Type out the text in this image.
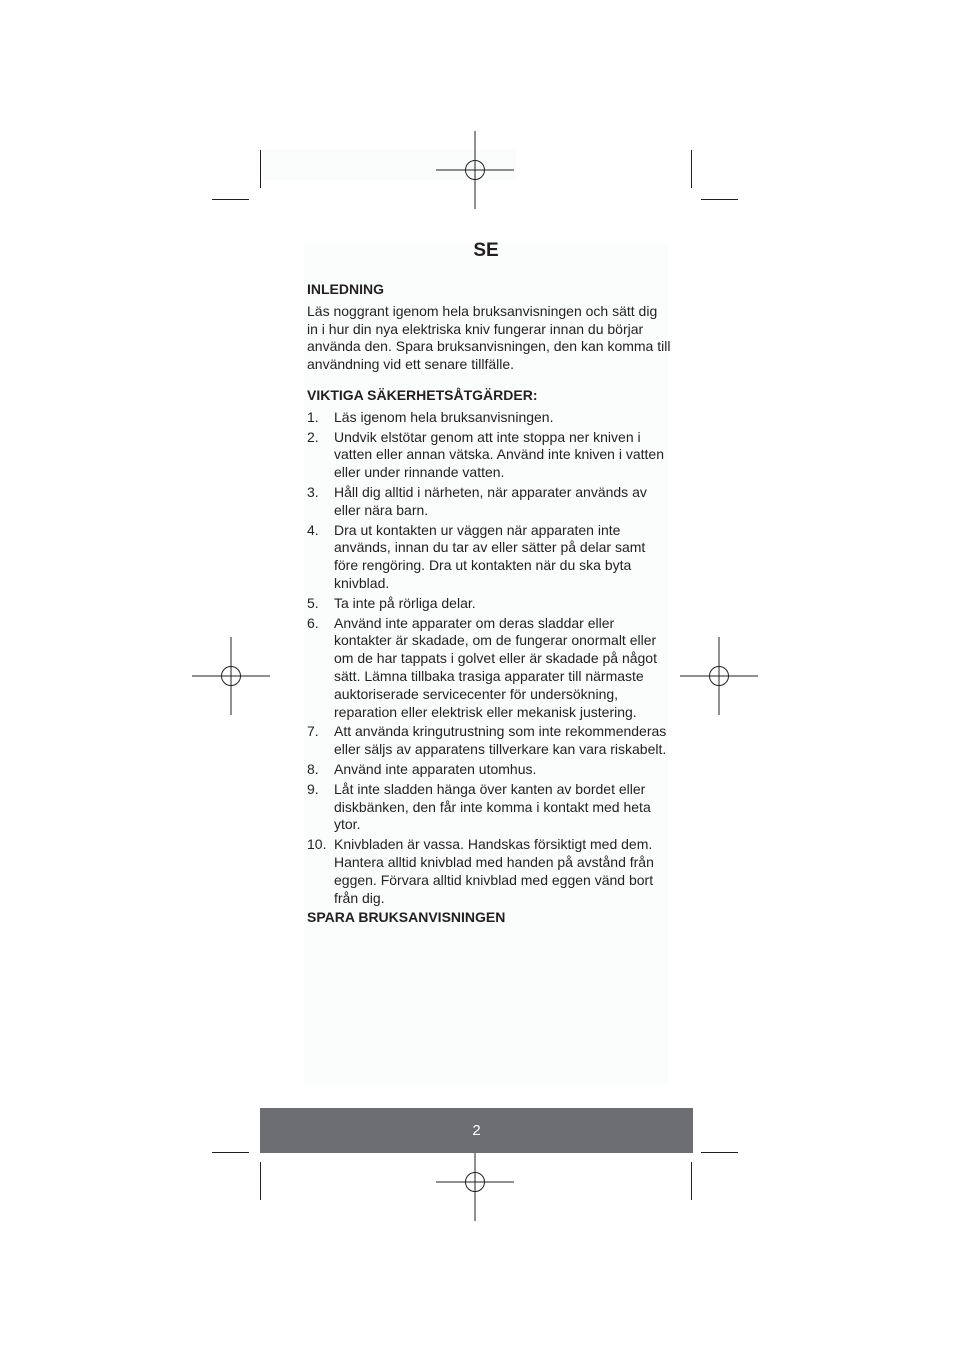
SE

INLEDNING

Läs noggrant igenom hela bruksanvisningen och sätt dig in i hur din nya elektriska kniv fungerar innan du börjar använda den. Spara bruksanvisningen, den kan komma till användning vid ett senare tillfälle.

VIKTIGA SÄKERHETSÅTGÄRDER:

1. Läs igenom hela bruksanvisningen.
2. Undvik elstötar genom att inte stoppa ner kniven i vatten eller annan vätska. Använd inte kniven i vatten eller under rinnande vatten.
3. Håll dig alltid i närheten, när apparater används av eller nära barn.
4. Dra ut kontakten ur väggen när apparaten inte används, innan du tar av eller sätter på delar samt före rengöring. Dra ut kontakten när du ska byta knivblad.
5. Ta inte på rörliga delar.
6. Använd inte apparater om deras sladdar eller kontakter är skadade, om de fungerar onormalt eller om de har tappats i golvet eller är skadade på något sätt. Lämna tillbaka trasiga apparater till närmaste auktoriserade servicecenter för undersökning, reparation eller elektrisk eller mekanisk justering.
7. Att använda kringutrustning som inte rekommenderas eller säljs av apparatens tillverkare kan vara riskabelt.
8. Använd inte apparaten utomhus.
9. Låt inte sladden hänga över kanten av bordet eller diskbänken, den får inte komma i kontakt med heta ytor.
10. Knivbladen är vassa. Handskas försiktigt med dem. Hantera alltid knivblad med handen på avstånd från eggen. Förvara alltid knivblad med eggen vänd bort från dig.

SPARA BRUKSANVISNINGEN

2
